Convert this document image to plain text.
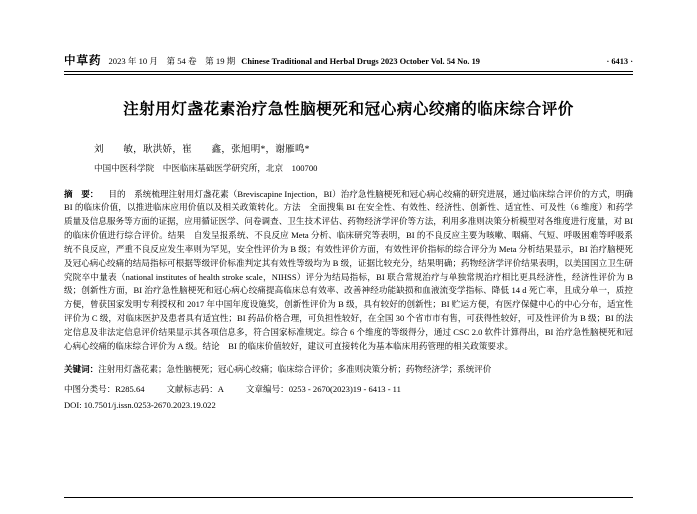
中草药 2023 年 10 月　第 54 卷　第 19 期 Chinese Traditional and Herbal Drugs 2023 October Vol. 54 No. 19	· 6413 ·
注射用灯盏花素治疗急性脑梗死和冠心病心绞痛的临床综合评价
刘　　敏，耿洪娇，崔　　鑫，张旭明*，谢雁鸣*
中国中医科学院　中医临床基础医学研究所，北京　100700
摘　要： 目的　系统梳理注射用灯盏花素（Breviscapine Injection，BI）治疗急性脑梗死和冠心病心绞痛的研究进展，通过临床综合评价的方式，明确 BI 的临床价值，以推进临床应用价值以及相关政策转化。方法　全面搜集 BI 在安全性、有效性、经济性、创新性、适宜性、可及性（6 维度）和药学质量及信息服务等方面的证据，应用循证医学、问卷调查、卫生技术评估、药物经济学评价等方法，利用多准则决策分析模型对各维度进行度量，对 BI 的临床价值进行综合评价。结果　自发呈报系统、不良反应 Meta 分析、临床研究等表明，BI 的不良反应主要为咳嗽、咽痛、气短、呼吸困难等呼吸系统不良反应，严重不良反应发生率则为罕见，安全性评价为 B 级；有效性评价方面，有效性评价指标的综合评分为 Meta 分析结果显示，BI 治疗脑梗死及冠心病心绞痛的结局指标可根据等级评价标准判定其有效性等级均为 B 级，证据比较充分，结果明确；药物经济学评价结果表明，以美国国立卫生研究院卒中量表（national institutes of health stroke scale，NIHSS）评分为结局指标，BI 联合常规治疗与单独常规治疗相比更具经济性，经济性评价为 B 级；创新性方面，BI 治疗急性脑梗死和冠心病心绞痛提高临床总有效率、改善神经功能缺损和血液流变学指标、降低 14 d 死亡率，且成分单一，质控方便，曾获国家发明专利授权和 2017 年中国年度设施奖，创新性评价为 B 级，具有较好的创新性；BI 贮运方便，有医疗保健中心的中心分布，适宜性评价为 C 级，对临床医护及患者具有适宜性；BI 药品价格合理，可负担性较好，在全国 30 个省市市有售，可获得性较好，可及性评价为 B 级；BI 的法定信息及非法定信息评价结果显示其各项信息多，符合国家标准规定。综合 6 个维度的等级得分，通过 CSC 2.0 软件计算得出，BI 治疗急性脑梗死和冠心病心绞痛的临床综合评价为 A 级。结论　BI 的临床价值较好，建议可直接转化为基本临床用药管理的相关政策要求。
关键词：注射用灯盏花素；急性脑梗死；冠心病心绞痛；临床综合评价；多准则决策分析；药物经济学；系统评价
中图分类号：R285.64	文献标志码：A	文章编号：0253 - 2670(2023)19 - 6413 - 11
DOI: 10.7501/j.issn.0253-2670.2023.19.022
